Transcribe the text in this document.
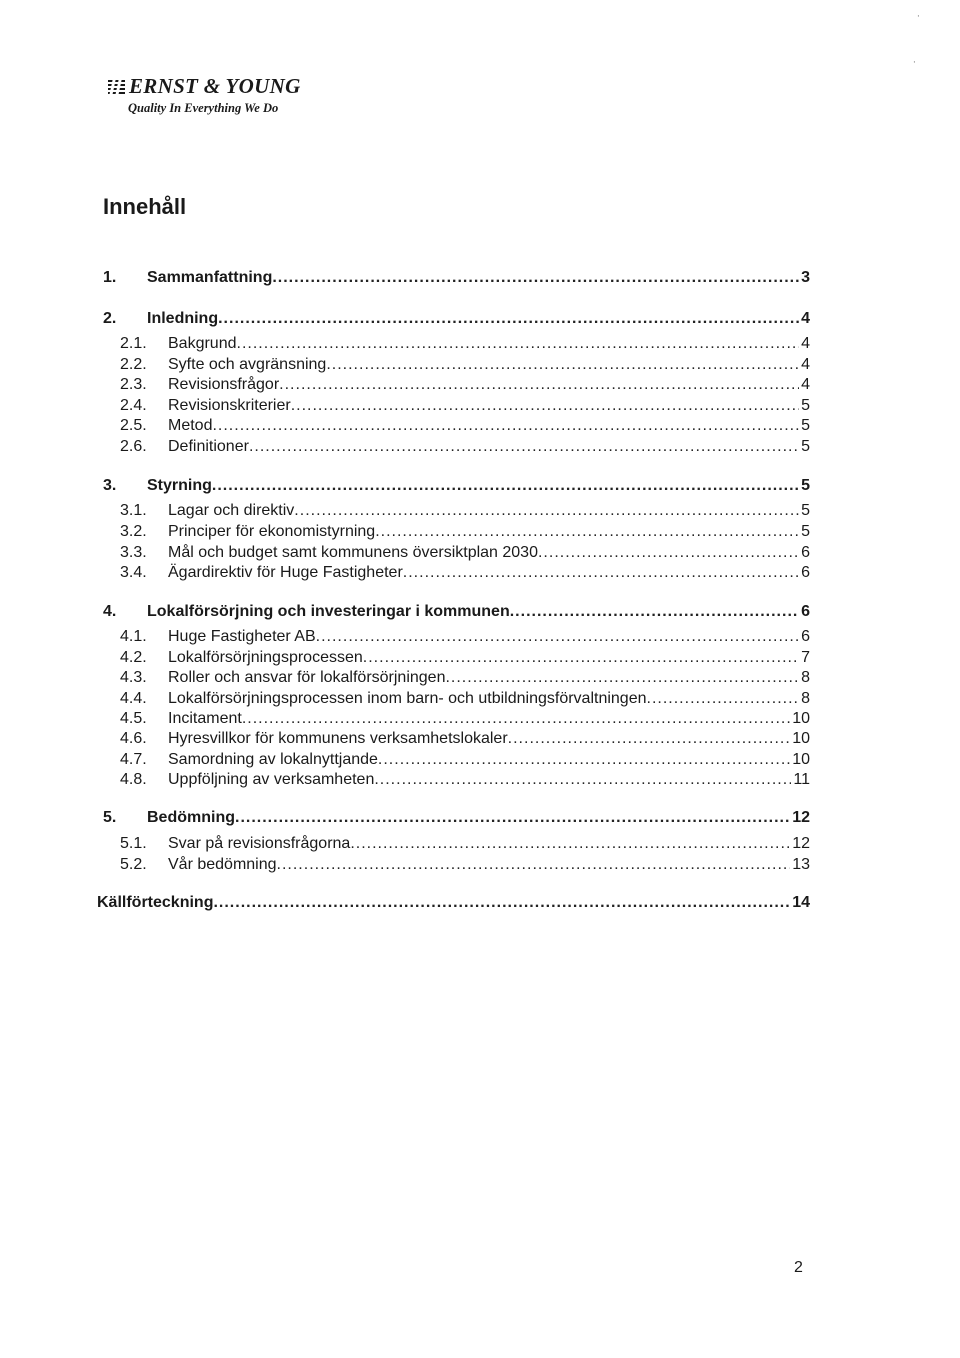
ERNST & YOUNG
Quality In Everything We Do
Innehåll
1.	Sammanfattning .....	3
2.	Inledning .....	4
2.1.	Bakgrund .....	4
2.2.	Syfte och avgränsning .....	4
2.3.	Revisionsfrågor .....	4
2.4.	Revisionskriterier .....	5
2.5.	Metod .....	5
2.6.	Definitioner .....	5
3.	Styrning .....	5
3.1.	Lagar och direktiv .....	5
3.2.	Principer för ekonomistyrning .....	5
3.3.	Mål och budget samt kommunens översiktplan 2030 .....	6
3.4.	Ägardirektiv för Huge Fastigheter .....	6
4.	Lokalförsörjning och investeringar i kommunen .....	6
4.1.	Huge Fastigheter AB .....	6
4.2.	Lokalförsörjningsprocessen .....	7
4.3.	Roller och ansvar för lokalförsörjningen .....	8
4.4.	Lokalförsörjningsprocessen inom barn- och utbildningsförvaltningen .....	8
4.5.	Incitament .....	10
4.6.	Hyresvillkor för kommunens verksamhetslokaler .....	10
4.7.	Samordning av lokalnyttjande .....	10
4.8.	Uppföljning av verksamheten .....	11
5.	Bedömning .....	12
5.1.	Svar på revisionsfrågorna .....	12
5.2.	Vår bedömning .....	13
Källförteckning .....	14
2
·
·
